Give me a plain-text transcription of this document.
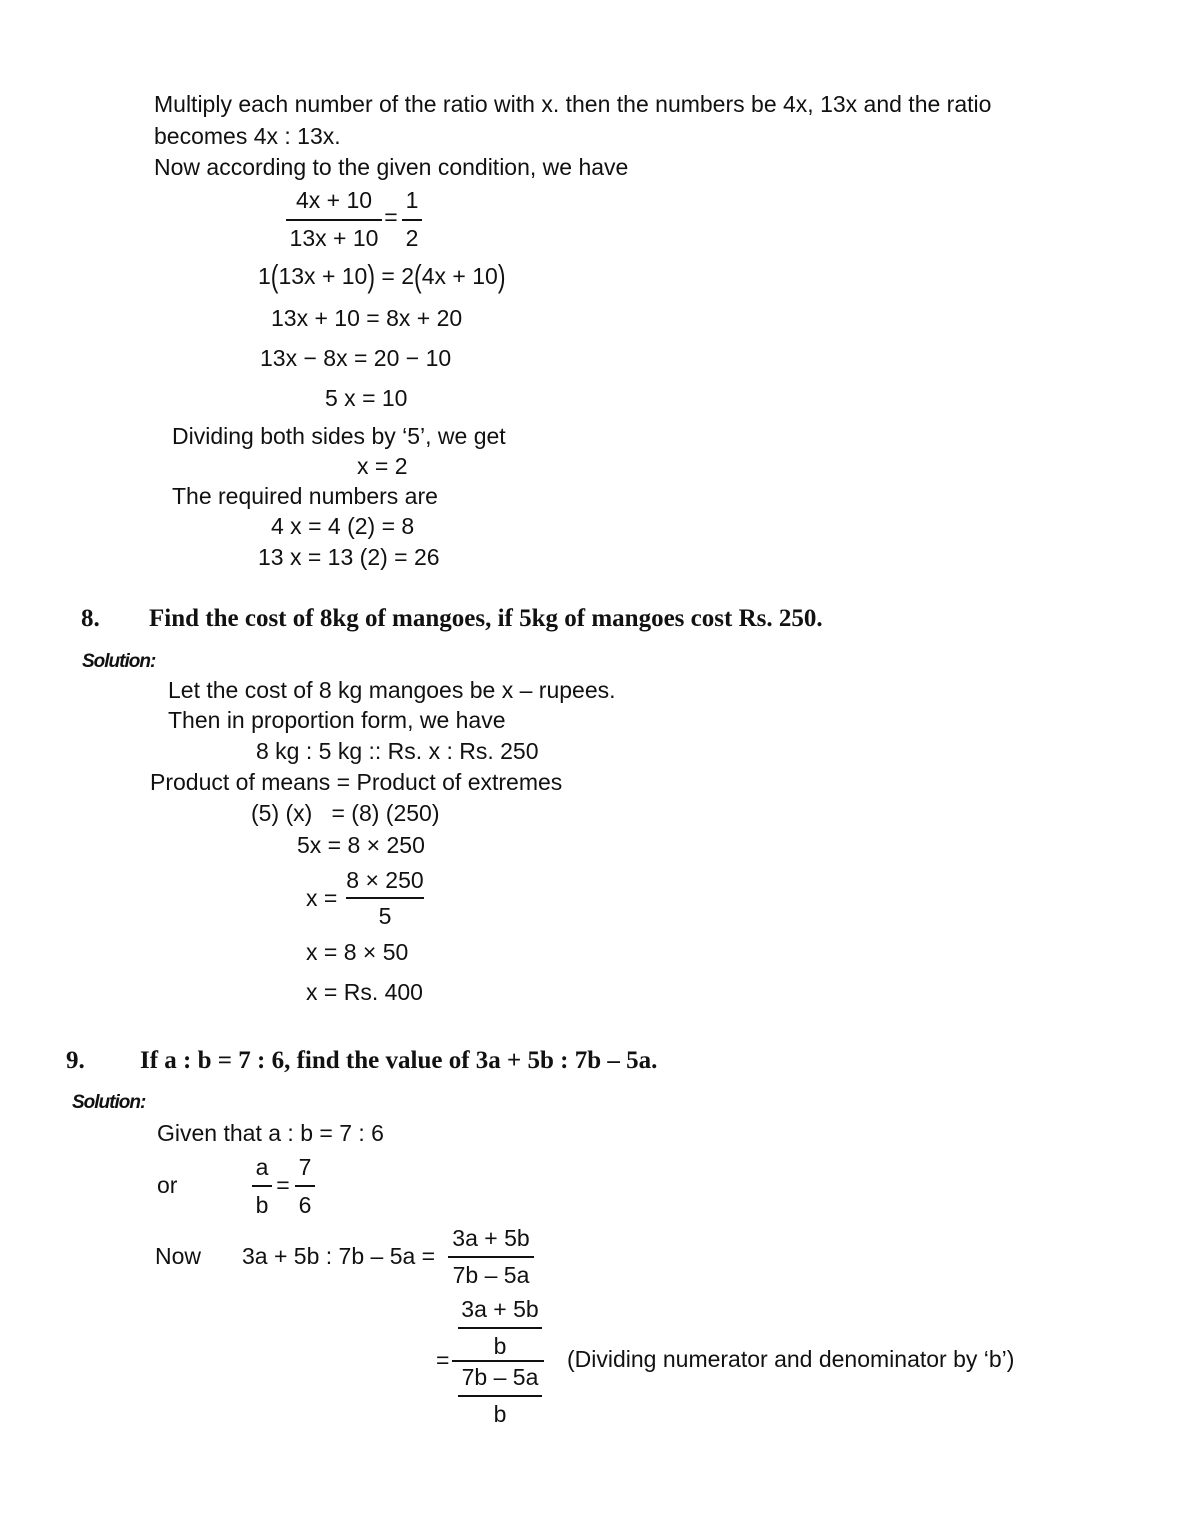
Multiply each number of the ratio with x. then the numbers be 4x, 13x and the ratio
becomes 4x : 13x.
Now according to the given condition, we have
4x + 10
13x + 10
=
1
2
1(13x + 10) = 2(4x + 10)
13x + 10 = 8x + 20
13x − 8x = 20 − 10
5 x = 10
Dividing both sides by ‘5’, we get
x = 2
The required numbers are
4 x = 4 (2) = 8
13 x = 13 (2) = 26
8. Find the cost of 8kg of mangoes, if 5kg of mangoes cost Rs. 250.
Solution:
Let the cost of 8 kg mangoes be x – rupees.
Then in proportion form, we have
8 kg : 5 kg :: Rs. x : Rs. 250
Product of means = Product of extremes
(5) (x)   = (8) (250)
5x = 8 × 250
x =
8 × 250
5
x = 8 × 50
x = Rs. 400
9. If a : b = 7 : 6, find the value of 3a + 5b : 7b – 5a.
Solution:
Given that a : b = 7 : 6
or
a
b
=
7
6
Now 3a + 5b : 7b – 5a =
3a + 5b
7b – 5a
3a + 5b
b
=
7b – 5a
b
(Dividing numerator and denominator by ‘b’)
